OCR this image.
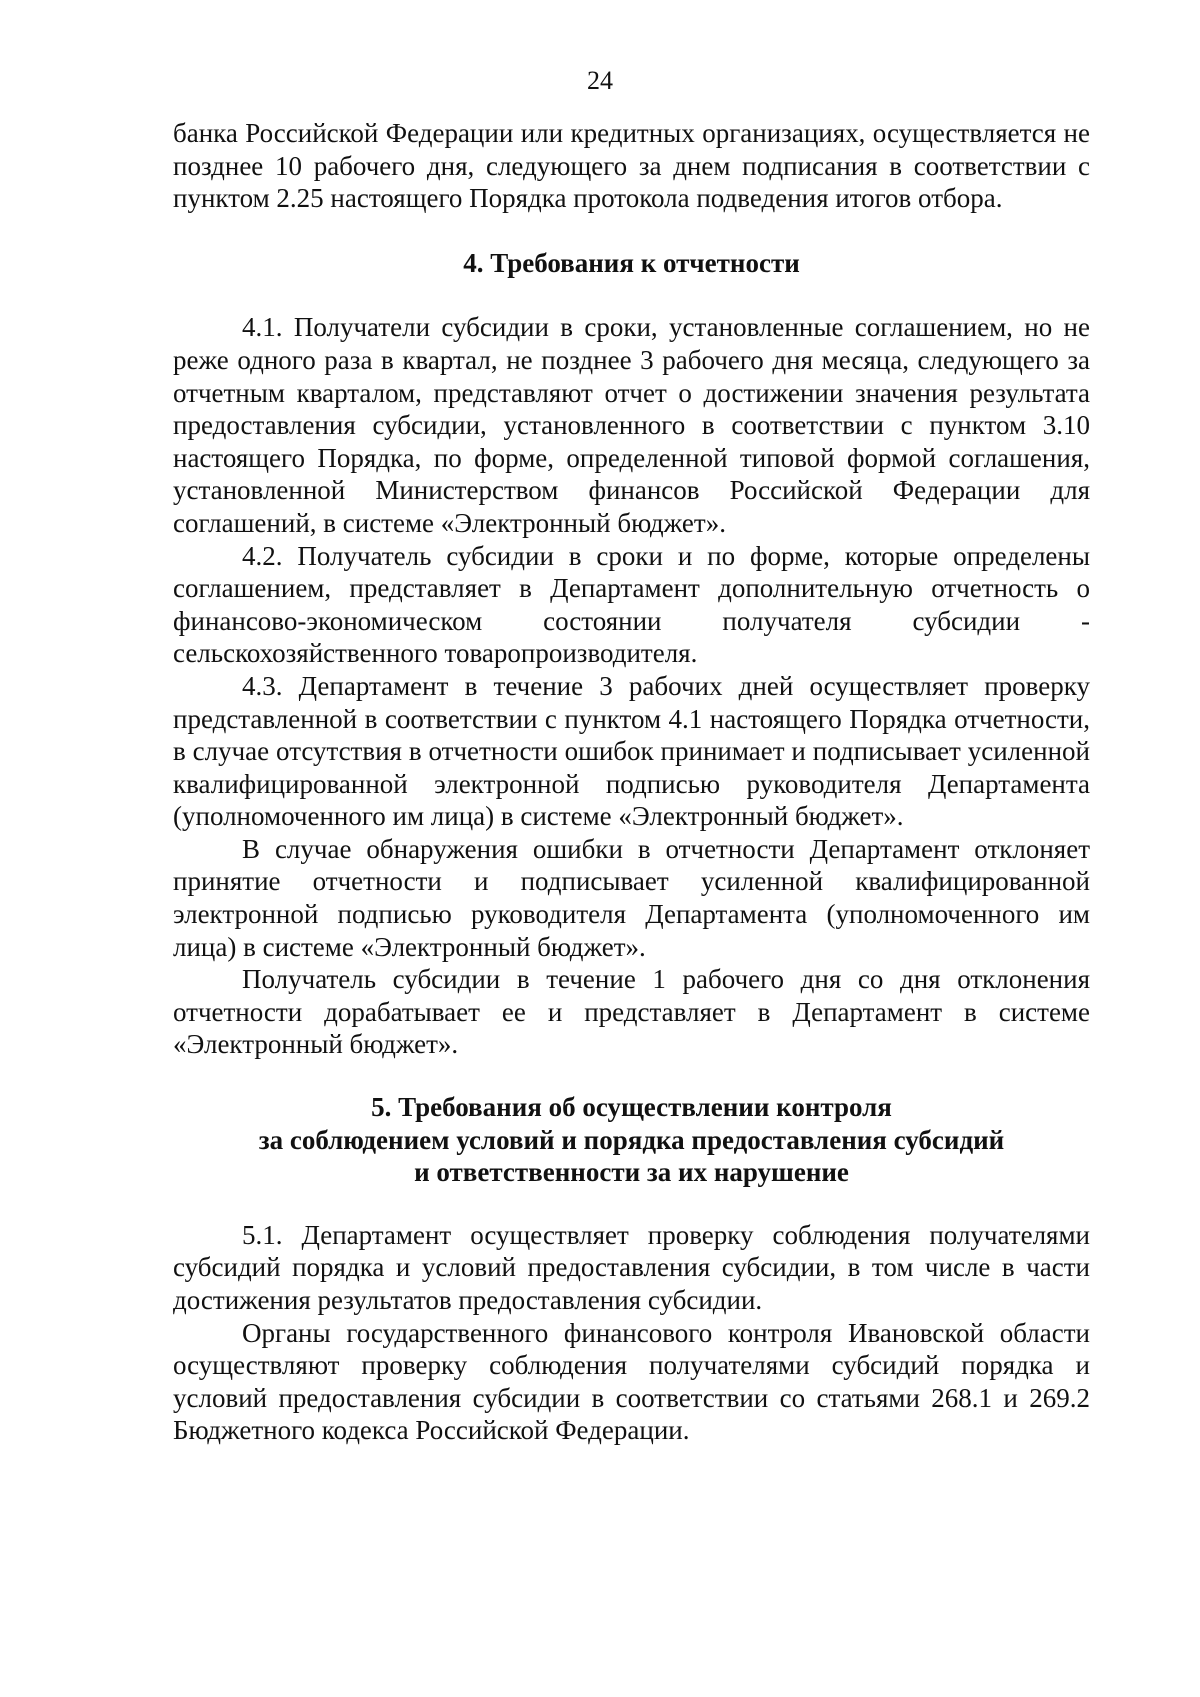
24

банка Российской Федерации или кредитных организациях, осуществляется не позднее 10 рабочего дня, следующего за днем подписания в соответствии с пунктом 2.25 настоящего Порядка протокола подведения итогов отбора.

4. Требования к отчетности

4.1. Получатели субсидии в сроки, установленные соглашением, но не реже одного раза в квартал, не позднее 3 рабочего дня месяца, следующего за отчетным кварталом, представляют отчет о достижении значения результата предоставления субсидии, установленного в соответствии с пунктом 3.10 настоящего Порядка, по форме, определенной типовой формой соглашения, установленной Министерством финансов Российской Федерации для соглашений, в системе «Электронный бюджет».

4.2. Получатель субсидии в сроки и по форме, которые определены соглашением, представляет в Департамент дополнительную отчетность о финансово-экономическом состоянии получателя субсидии - сельскохозяйственного товаропроизводителя.

4.3. Департамент в течение 3 рабочих дней осуществляет проверку представленной в соответствии с пунктом 4.1 настоящего Порядка отчетности, в случае отсутствия в отчетности ошибок принимает и подписывает усиленной квалифицированной электронной подписью руководителя Департамента (уполномоченного им лица) в системе «Электронный бюджет».

В случае обнаружения ошибки в отчетности Департамент отклоняет принятие отчетности и подписывает усиленной квалифицированной электронной подписью руководителя Департамента (уполномоченного им лица) в системе «Электронный бюджет».

Получатель субсидии в течение 1 рабочего дня со дня отклонения отчетности дорабатывает ее и представляет в Департамент в системе «Электронный бюджет».

5. Требования об осуществлении контроля

за соблюдением условий и порядка предоставления субсидий

и ответственности за их нарушение

5.1. Департамент осуществляет проверку соблюдения получателями субсидий порядка и условий предоставления субсидии, в том числе в части достижения результатов предоставления субсидии.

Органы государственного финансового контроля Ивановской области осуществляют проверку соблюдения получателями субсидий порядка и условий предоставления субсидии в соответствии со статьями 268.1 и 269.2 Бюджетного кодекса Российской Федерации.
